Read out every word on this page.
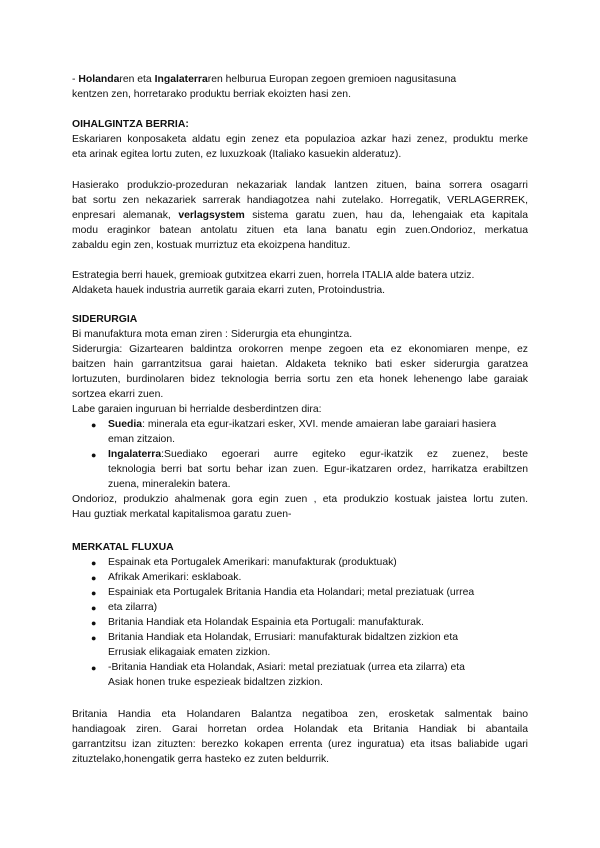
- Holandaren eta Ingalaterraren helburua Europan zegoen gremioen nagusitasuna
kentzen zen, horretarako produktu berriak ekoizten hasi zen.
OIHALGINTZA BERRIA:
Eskariaren konposaketa aldatu egin zenez eta populazioa azkar hazi zenez, produktu merke
eta arinak egitea lortu zuten, ez luxuzkoak (Italiako kasuekin alderatuz).
Hasierako produkzio-prozeduran nekazariak landak lantzen zituen, baina sorrera osagarri
bat sortu zen nekazariek sarrerak handiagotzea nahi zutelako. Horregatik, VERLAGERREK,
enpresari alemanak, verlagsystem sistema garatu zuen, hau da, lehengaiak eta kapitala
modu eraginkor batean antolatu zituen eta lana banatu egin zuen.Ondorioz, merkatua
zabaldu egin zen, kostuak murriztuz eta ekoizpena handituz.
Estrategia berri hauek, gremioak gutxitzea ekarri zuen, horrela ITALIA alde batera utziz.
Aldaketa hauek industria aurretik garaia ekarri zuten, Protoindustria.
SIDERURGIA
Bi manufaktura mota eman ziren : Siderurgia eta ehungintza.
Siderurgia: Gizartearen baldintza orokorren menpe zegoen eta ez ekonomiaren menpe, ez
baitzen hain garrantzitsua garai haietan. Aldaketa tekniko bati esker siderurgia garatzea
lortuzuten, burdinolaren bidez teknologia berria sortu zen eta honek lehenengo labe garaiak
sortzea ekarri zuen.
Labe garaien inguruan bi herrialde desberdintzen dira:
● Suedia: minerala eta egur-ikatzari esker, XVI. mende amaieran labe garaiari hasiera
eman zitzaion.
● Ingalaterra:Suediako egoerari aurre egiteko egur-ikatzik ez zuenez, beste
teknologia berri bat sortu behar izan zuen. Egur-ikatzaren ordez, harrikatza erabiltzen
zuena, mineralekin batera.
Ondorioz, produkzio ahalmenak gora egin zuen , eta produkzio kostuak jaistea lortu zuten.
Hau guztiak merkatal kapitalismoa garatu zuen-
MERKATAL FLUXUA
● Espainak eta Portugalek Amerikari: manufakturak (produktuak)
● Afrikak Amerikari: esklaboak.
● Espainiak eta Portugalek Britania Handia eta Holandari; metal preziatuak (urrea
● eta zilarra)
● Britania Handiak eta Holandak Espainia eta Portugali: manufakturak.
● Britania Handiak eta Holandak, Errusiari: manufakturak bidaltzen zizkion eta
Errusiak elikagaiak ematen zizkion.
● -Britania Handiak eta Holandak, Asiari: metal preziatuak (urrea eta zilarra) eta
Asiak honen truke espezieak bidaltzen zizkion.
Britania Handia eta Holandaren Balantza negatiboa zen, erosketak salmentak baino
handiagoak ziren. Garai horretan ordea Holandak eta Britania Handiak bi abantaila
garrantzitsu izan zituzten: berezko kokapen errenta (urez inguratua) eta itsas baliabide ugari
zituztelako,honengatik gerra hasteko ez zuten beldurrik.
